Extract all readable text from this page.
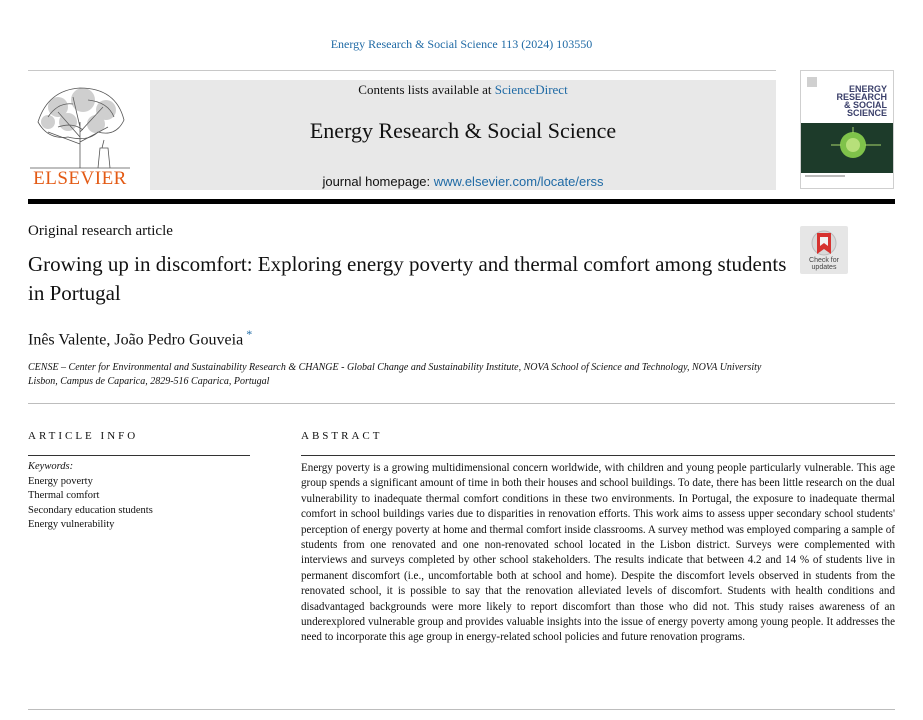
Energy Research & Social Science 113 (2024) 103550
ELSEVIER
Contents lists available at ScienceDirect
Energy Research & Social Science
journal homepage: www.elsevier.com/locate/erss
ENERGY
RESEARCH
& SOCIAL
SCIENCE
Original research article
Growing up in discomfort: Exploring energy poverty and thermal comfort among students in Portugal
Check for
updates
Inês Valente, João Pedro Gouveia *
CENSE – Center for Environmental and Sustainability Research & CHANGE - Global Change and Sustainability Institute, NOVA School of Science and Technology, NOVA University Lisbon, Campus de Caparica, 2829-516 Caparica, Portugal
ARTICLE INFO
Keywords:
Energy poverty
Thermal comfort
Secondary education students
Energy vulnerability
ABSTRACT
Energy poverty is a growing multidimensional concern worldwide, with children and young people particularly vulnerable. This age group spends a significant amount of time in both their houses and school buildings. To date, there has been little research on the dual vulnerability to inadequate thermal comfort conditions in these two environments. In Portugal, the exposure to inadequate thermal comfort in school buildings varies due to disparities in renovation efforts. This work aims to assess upper secondary school students' perception of energy poverty at home and thermal comfort inside classrooms. A survey method was employed comparing a sample of students from one renovated and one non-renovated school located in the Lisbon district. Surveys were complemented with interviews and surveys completed by other school stakeholders. The results indicate that between 4.2 and 14 % of students live in permanent discomfort (i.e., uncomfortable both at school and home). Despite the discomfort levels observed in students from the renovated school, it is possible to say that the renovation alleviated levels of discomfort. Students with health conditions and disadvantaged backgrounds were more likely to report discomfort than those who did not. This study raises awareness of an underexplored vulnerable group and provides valuable insights into the issue of energy poverty among young people. It addresses the need to incorporate this age group in energy-related school policies and future renovation programs.
